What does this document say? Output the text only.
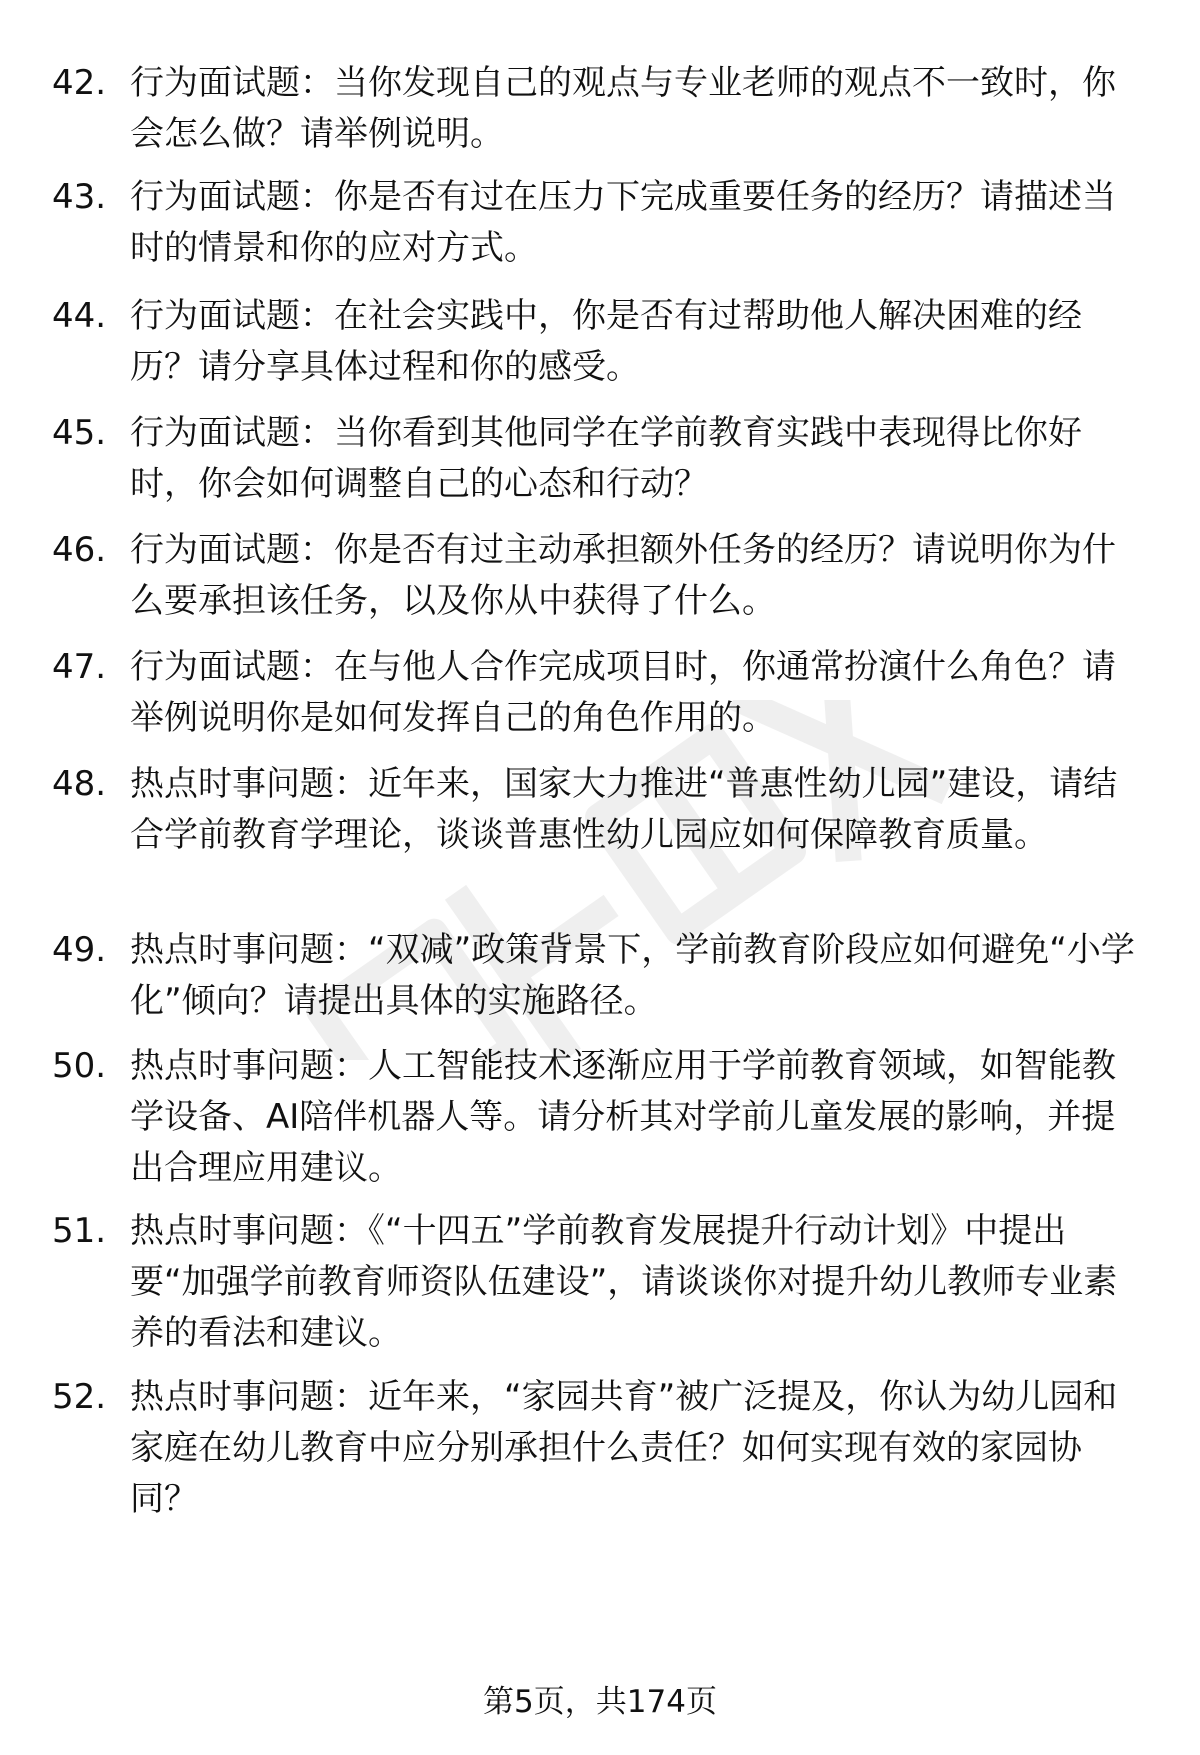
42. 行为面试题：当你发现自己的观点与专业老师的观点不一致时，你会怎么做？请举例说明。
43. 行为面试题：你是否有过在压力下完成重要任务的经历？请描述当时的情景和你的应对方式。
44. 行为面试题：在社会实践中，你是否有过帮助他人解决困难的经历？请分享具体过程和你的感受。
45. 行为面试题：当你看到其他同学在学前教育实践中表现得比你好时，你会如何调整自己的心态和行动？
46. 行为面试题：你是否有过主动承担额外任务的经历？请说明你为什么要承担该任务，以及你从中获得了什么。
47. 行为面试题：在与他人合作完成项目时，你通常扮演什么角色？请举例说明你是如何发挥自己的角色作用的。
48. 热点时事问题：近年来，国家大力推进“普惠性幼儿园”建设，请结合学前教育学理论，谈谈普惠性幼儿园应如何保障教育质量。
49. 热点时事问题：“双减”政策背景下，学前教育阶段应如何避免“小学化”倾向？请提出具体的实施路径。
50. 热点时事问题：人工智能技术逐渐应用于学前教育领域，如智能教学设备、AI陪伴机器人等。请分析其对学前儿童发展的影响，并提出合理应用建议。
51. 热点时事问题：《“十四五”学前教育发展提升行动计划》中提出要“加强学前教育师资队伍建设”，请谈谈你对提升幼儿教师专业素养的看法和建议。
52. 热点时事问题：近年来，“家园共育”被广泛提及，你认为幼儿园和家庭在幼儿教育中应分别承担什么责任？如何实现有效的家园协同？
第5页，共174页
